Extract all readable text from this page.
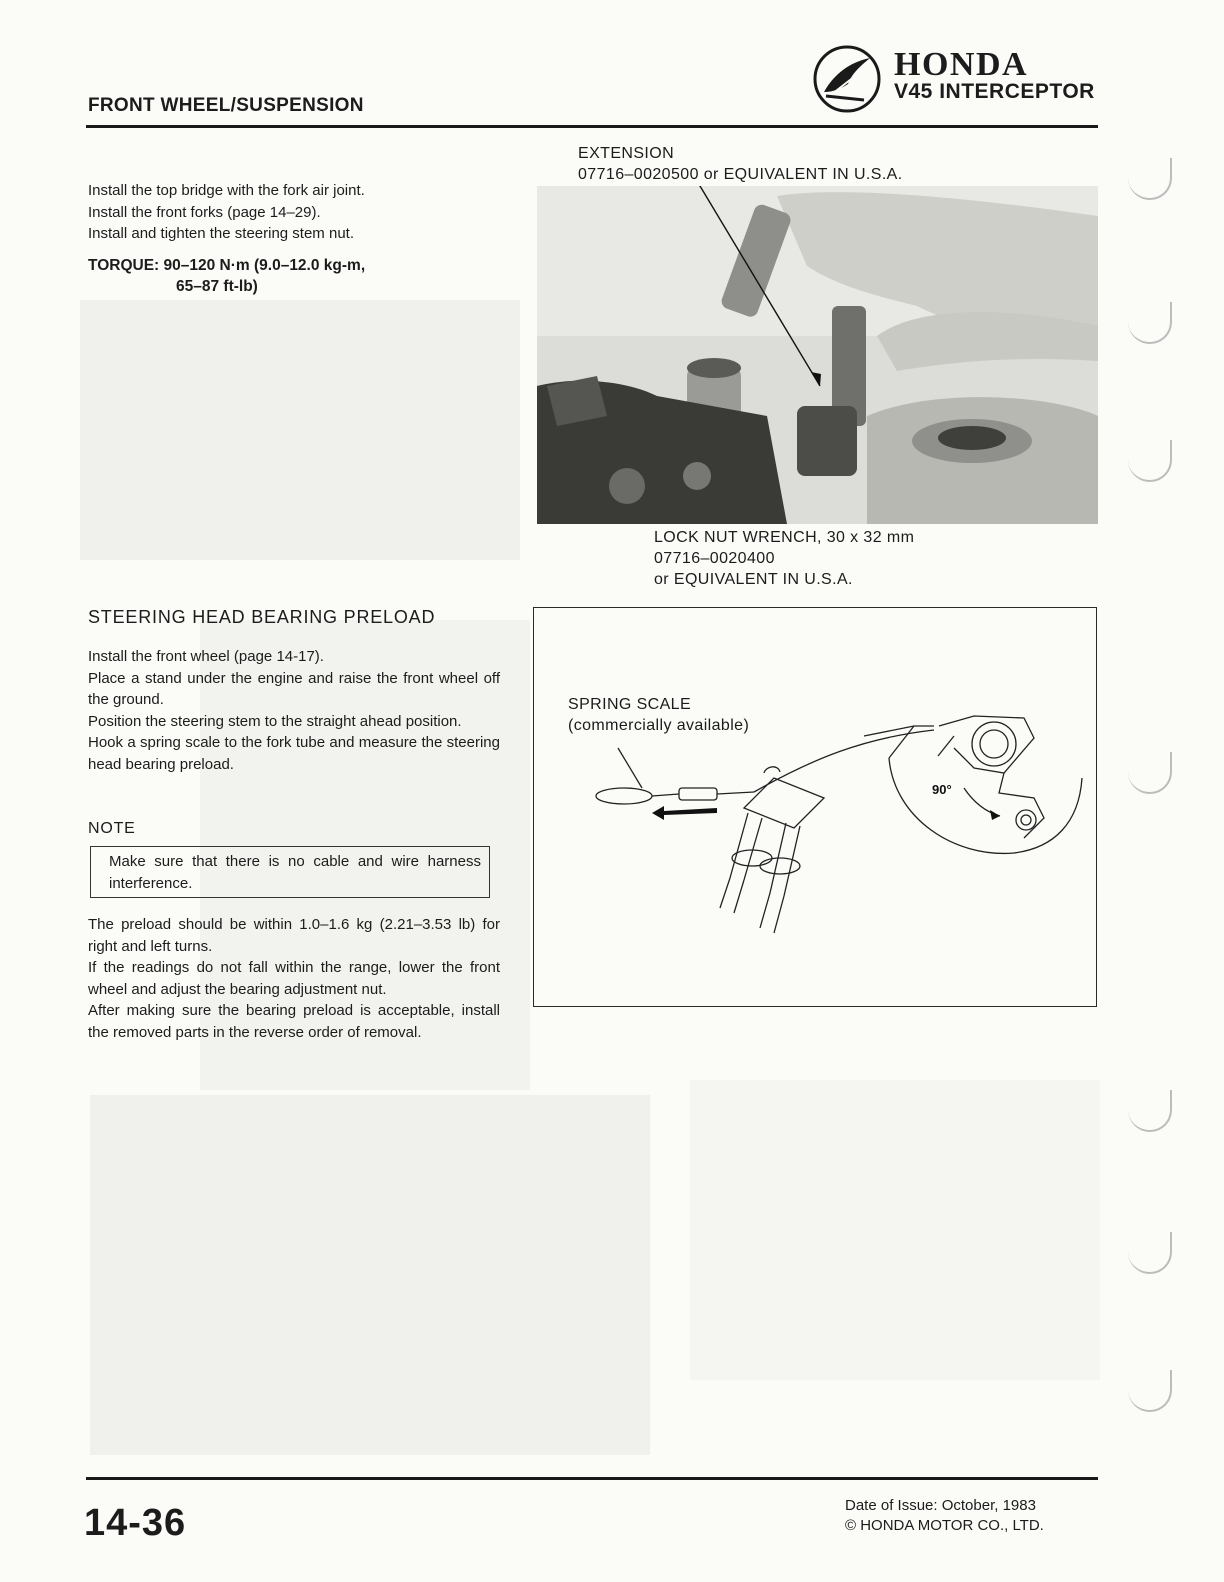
FRONT WHEEL/SUSPENSION
HONDA
V45 INTERCEPTOR
Install the top bridge with the fork air joint.
Install the front forks (page 14–29).
Install and tighten the steering stem nut.
TORQUE: 90–120 N·m (9.0–12.0 kg-m,
65–87 ft-lb)
EXTENSION
07716–0020500 or EQUIVALENT IN U.S.A.
LOCK NUT WRENCH, 30 x 32 mm
07716–0020400
or EQUIVALENT IN U.S.A.
STEERING HEAD BEARING PRELOAD
Install the front wheel (page 14-17).
Place a stand under the engine and raise the front wheel off the ground.
Position the steering stem to the straight ahead position.
Hook a spring scale to the fork tube and measure the steering head bearing preload.
NOTE
Make sure that there is no cable and wire harness interference.
The preload should be within 1.0–1.6 kg (2.21–3.53 lb) for right and left turns.
If the readings do not fall within the range, lower the front wheel and adjust the bearing adjustment nut.
After making sure the bearing preload is acceptable, install the removed parts in the reverse order of removal.
SPRING SCALE
(commercially available)
90°
14-36	Date of Issue: October, 1983
© HONDA MOTOR CO., LTD.
